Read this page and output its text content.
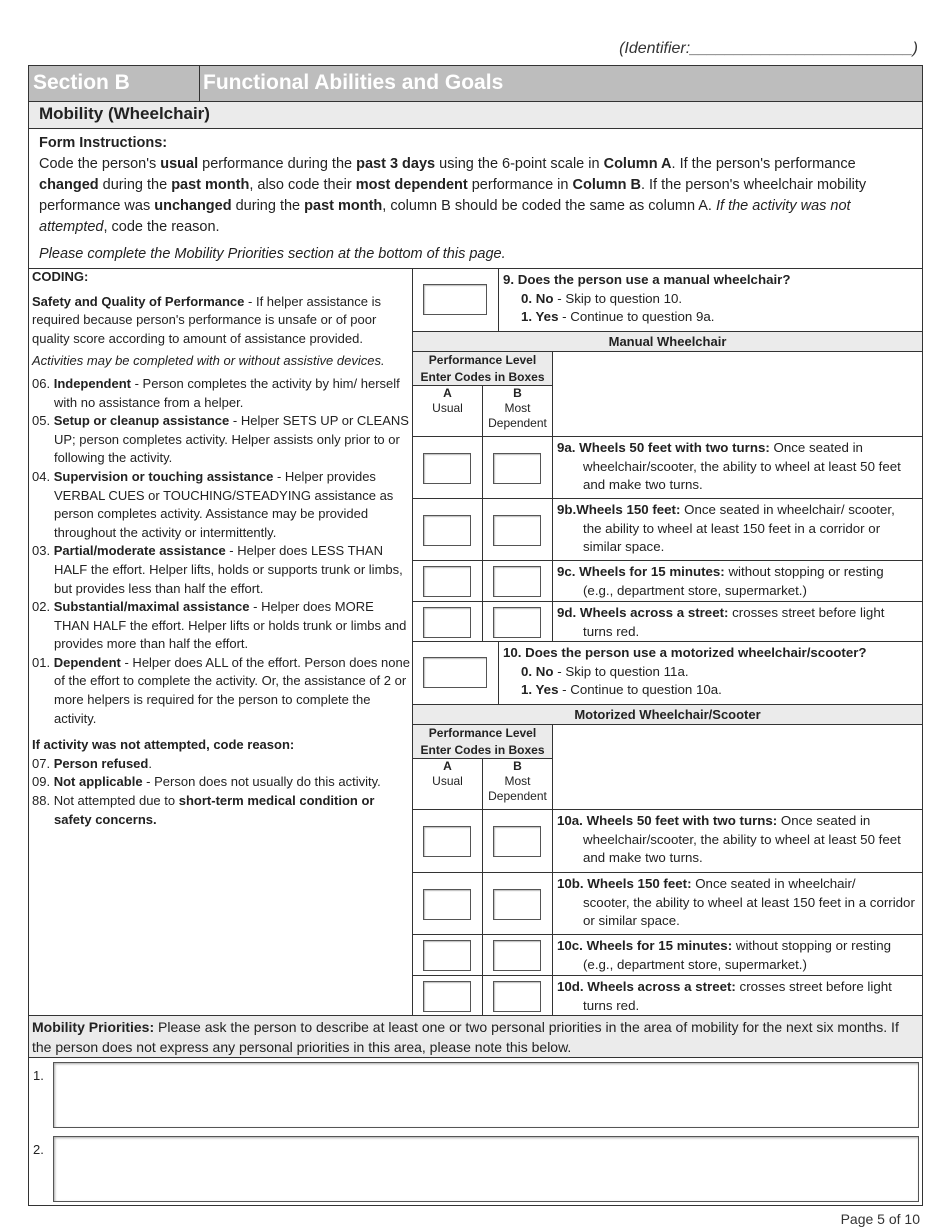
(Identifier:_________________________)
Section B	Functional Abilities and Goals
Mobility (Wheelchair)

Form Instructions:

Code the person's usual performance during the past 3 days using the 6-point scale in Column A. If the person's performance changed during the past month, also code their most dependent performance in Column B. If the person's wheelchair mobility performance was unchanged during the past month, column B should be coded the same as column A. If the activity was not attempted, code the reason.

Please complete the Mobility Priorities section at the bottom of this page.

CODING:

Safety and Quality of Performance - If helper assistance is required because person's performance is unsafe or of poor quality score according to amount of assistance provided.

Activities may be completed with or without assistive devices.

06. Independent - Person completes the activity by him/ herself with no assistance from a helper.
05. Setup or cleanup assistance - Helper SETS UP or CLEANS UP; person completes activity. Helper assists only prior to or following the activity.
04. Supervision or touching assistance - Helper provides VERBAL CUES or TOUCHING/STEADYING assistance as person completes activity. Assistance may be provided throughout the activity or intermittently.
03. Partial/moderate assistance - Helper does LESS THAN HALF the effort. Helper lifts, holds or supports trunk or limbs, but provides less than half the effort.
02. Substantial/maximal assistance - Helper does MORE THAN HALF the effort. Helper lifts or holds trunk or limbs and provides more than half the effort.
01. Dependent - Helper does ALL of the effort. Person does none of the effort to complete the activity. Or, the assistance of 2 or more helpers is required for the person to complete the activity.

If activity was not attempted, code reason:

07. Person refused.
09. Not applicable - Person does not usually do this activity.
88. Not attempted due to short-term medical condition or safety concerns.
9. Does the person use a manual wheelchair?
0. No - Skip to question 10.
1. Yes - Continue to question 9a.
Manual Wheelchair
Performance Level
Enter Codes in Boxes
A
Usual
B
Most
Dependent
9a. Wheels 50 feet with two turns: Once seated in
wheelchair/scooter, the ability to wheel at least 50 feet and make two turns.
9b.Wheels 150 feet: Once seated in wheelchair/ scooter,
the ability to wheel at least 150 feet in a corridor or similar space.
9c. Wheels for 15 minutes: without stopping or resting
(e.g., department store, supermarket.)
9d. Wheels across a street: crosses street before light
turns red.
10. Does the person use a motorized wheelchair/scooter?
0. No - Skip to question 11a.
1. Yes - Continue to question 10a.
Motorized Wheelchair/Scooter
Performance Level
Enter Codes in Boxes
A
Usual
B
Most
Dependent
10a. Wheels 50 feet with two turns: Once seated in
wheelchair/scooter, the ability to wheel at least 50 feet and make two turns.
10b. Wheels 150 feet: Once seated in wheelchair/
scooter, the ability to wheel at least 150 feet in a corridor or similar space.
10c. Wheels for 15 minutes: without stopping or resting
(e.g., department store, supermarket.)
10d. Wheels across a street: crosses street before light
turns red.
Mobility Priorities: Please ask the person to describe at least one or two personal priorities in the area of mobility for the next six months. If the person does not express any personal priorities in this area, please note this below.
1.
2.
Page 5 of 10
